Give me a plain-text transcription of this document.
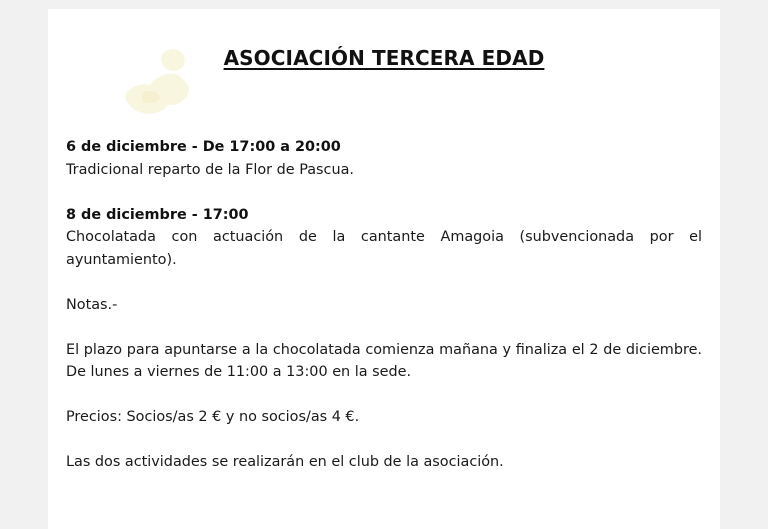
ASOCIACIÓN TERCERA EDAD

6 de diciembre - De 17:00 a 20:00

Tradicional reparto de la Flor de Pascua.

8 de diciembre - 17:00

Chocolatada con actuación de la cantante Amagoia (subvencionada por el ayuntamiento).

Notas.-

El plazo para apuntarse a la chocolatada comienza mañana y finaliza el 2 de diciembre. De lunes a viernes de 11:00 a 13:00 en la sede.

Precios: Socios/as 2 € y no socios/as 4 €.

Las dos actividades se realizarán en el club de la asociación.
